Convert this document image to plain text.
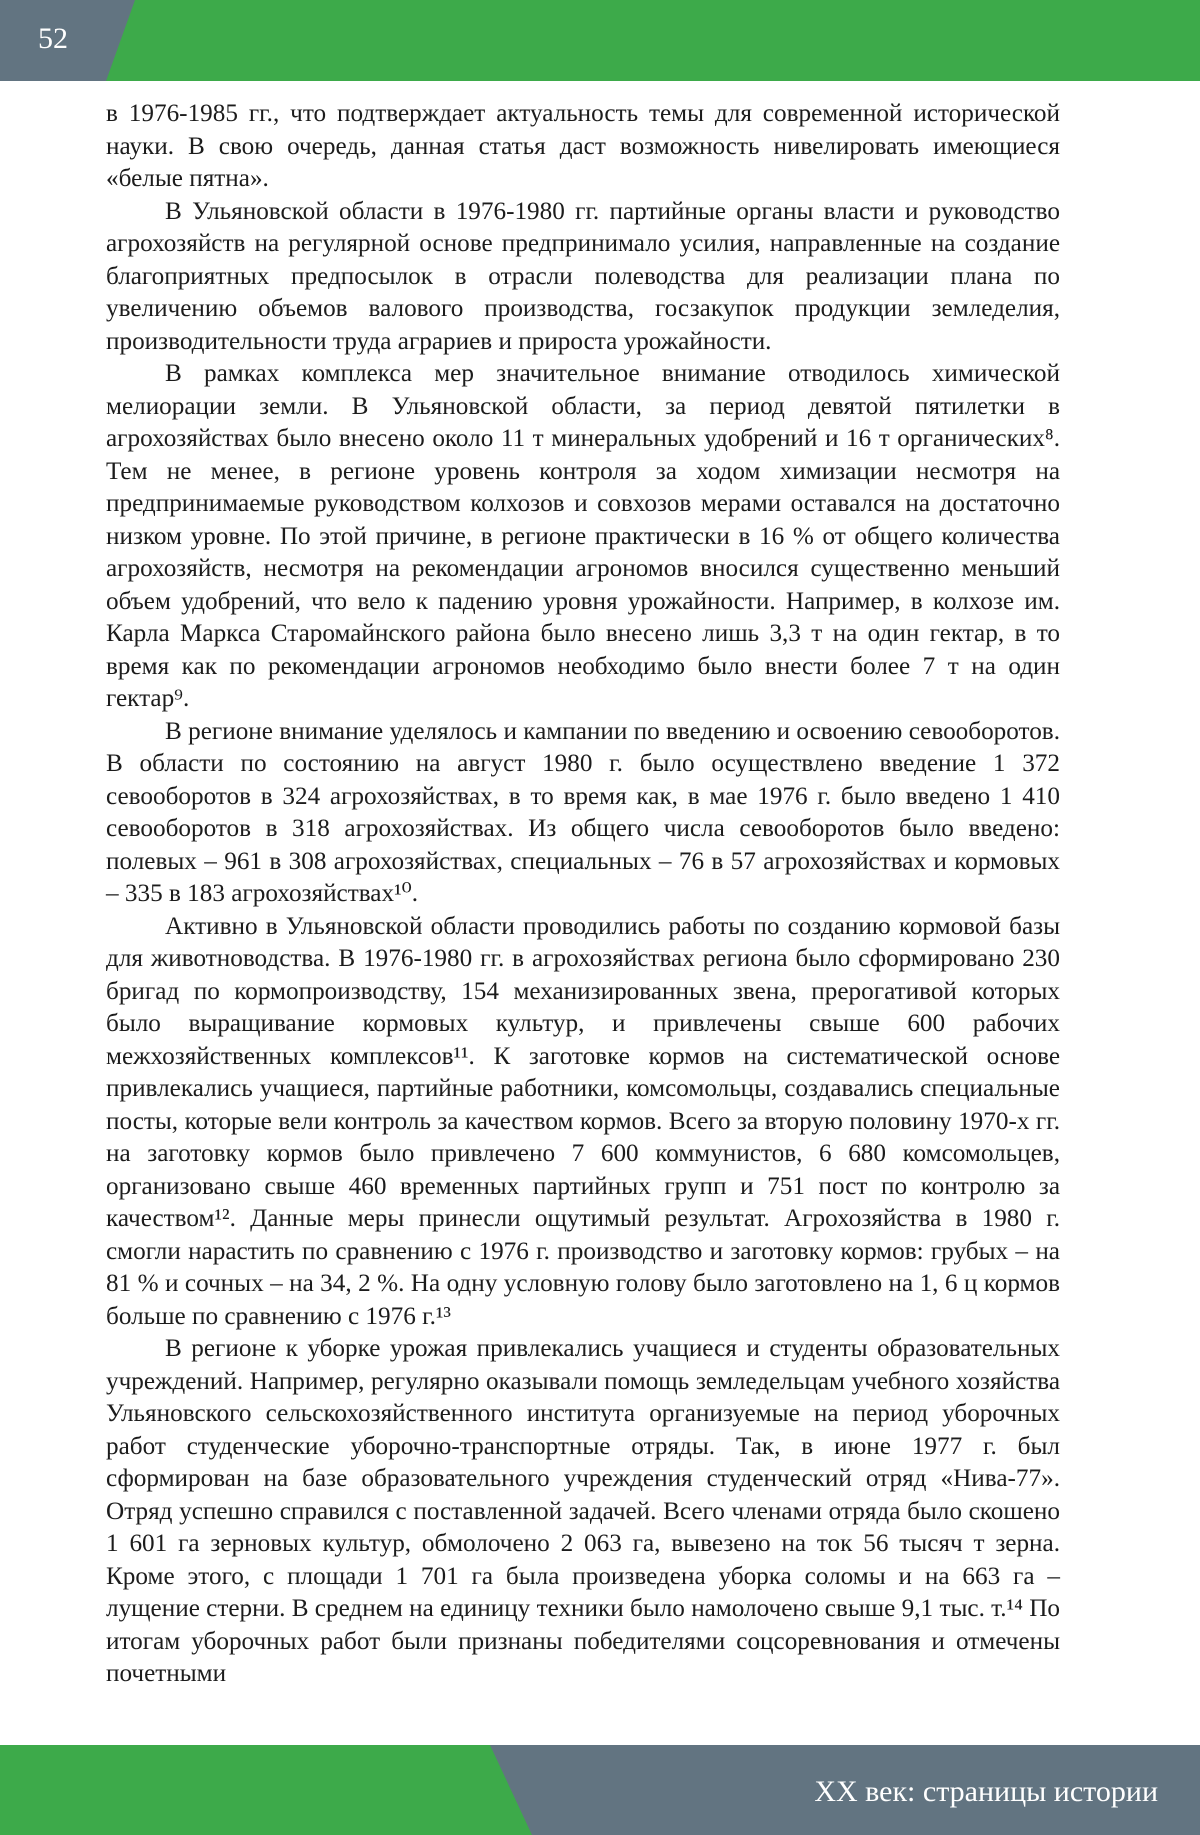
52

в 1976-1985 гг., что подтверждает актуальность темы для современной исторической науки. В свою очередь, данная статья даст возможность нивелировать имеющиеся «белые пятна».

В Ульяновской области в 1976-1980 гг. партийные органы власти и руководство агрохозяйств на регулярной основе предпринимало усилия, направленные на создание благоприятных предпосылок в отрасли полеводства для реализации плана по увеличению объемов валового производства, госзакупок продукции земледелия, производительности труда аграриев и прироста урожайности.

В рамках комплекса мер значительное внимание отводилось химической мелиорации земли. В Ульяновской области, за период девятой пятилетки в агрохозяйствах было внесено около 11 т минеральных удобрений и 16 т органических⁸. Тем не менее, в регионе уровень контроля за ходом химизации несмотря на предпринимаемые руководством колхозов и совхозов мерами оставался на достаточно низком уровне. По этой причине, в регионе практически в 16 % от общего количества агрохозяйств, несмотря на рекомендации агрономов вносился существенно меньший объем удобрений, что вело к падению уровня урожайности. Например, в колхозе им. Карла Маркса Старомайнского района было внесено лишь 3,3 т на один гектар, в то время как по рекомендации агрономов необходимо было внести более 7 т на один гектар⁹.

В регионе внимание уделялось и кампании по введению и освоению севооборотов. В области по состоянию на август 1980 г. было осуществлено введение 1 372 севооборотов в 324 агрохозяйствах, в то время как, в мае 1976 г. было введено 1 410 севооборотов в 318 агрохозяйствах. Из общего числа севооборотов было введено: полевых – 961 в 308 агрохозяйствах, специальных – 76 в 57 агрохозяйствах и кормовых – 335 в 183 агрохозяйствах¹⁰.

Активно в Ульяновской области проводились работы по созданию кормовой базы для животноводства. В 1976-1980 гг. в агрохозяйствах региона было сформировано 230 бригад по кормопроизводству, 154 механизированных звена, прерогативой которых было выращивание кормовых культур, и привлечены свыше 600 рабочих межхозяйственных комплексов¹¹. К заготовке кормов на систематической основе привлекались учащиеся, партийные работники, комсомольцы, создавались специальные посты, которые вели контроль за качеством кормов. Всего за вторую половину 1970-х гг. на заготовку кормов было привлечено 7 600 коммунистов, 6 680 комсомольцев, организовано свыше 460 временных партийных групп и 751 пост по контролю за качеством¹². Данные меры принесли ощутимый результат. Агрохозяйства в 1980 г. смогли нарастить по сравнению с 1976 г. производство и заготовку кормов: грубых – на 81 % и сочных – на 34, 2 %. На одну условную голову было заготовлено на 1, 6 ц кормов больше по сравнению с 1976 г.¹³

В регионе к уборке урожая привлекались учащиеся и студенты образовательных учреждений. Например, регулярно оказывали помощь земледельцам учебного хозяйства Ульяновского сельскохозяйственного института организуемые на период уборочных работ студенческие уборочно-транспортные отряды. Так, в июне 1977 г. был сформирован на базе образовательного учреждения студенческий отряд «Нива-77». Отряд успешно справился с поставленной задачей. Всего членами отряда было скошено 1 601 га зерновых культур, обмолочено 2 063 га, вывезено на ток 56 тысяч т зерна. Кроме этого, с площади 1 701 га была произведена уборка соломы и на 663 га – лущение стерни. В среднем на единицу техники было намолочено свыше 9,1 тыс. т.¹⁴ По итогам уборочных работ были признаны победителями соцсоревнования и отмечены почетными

XX век: страницы истории
